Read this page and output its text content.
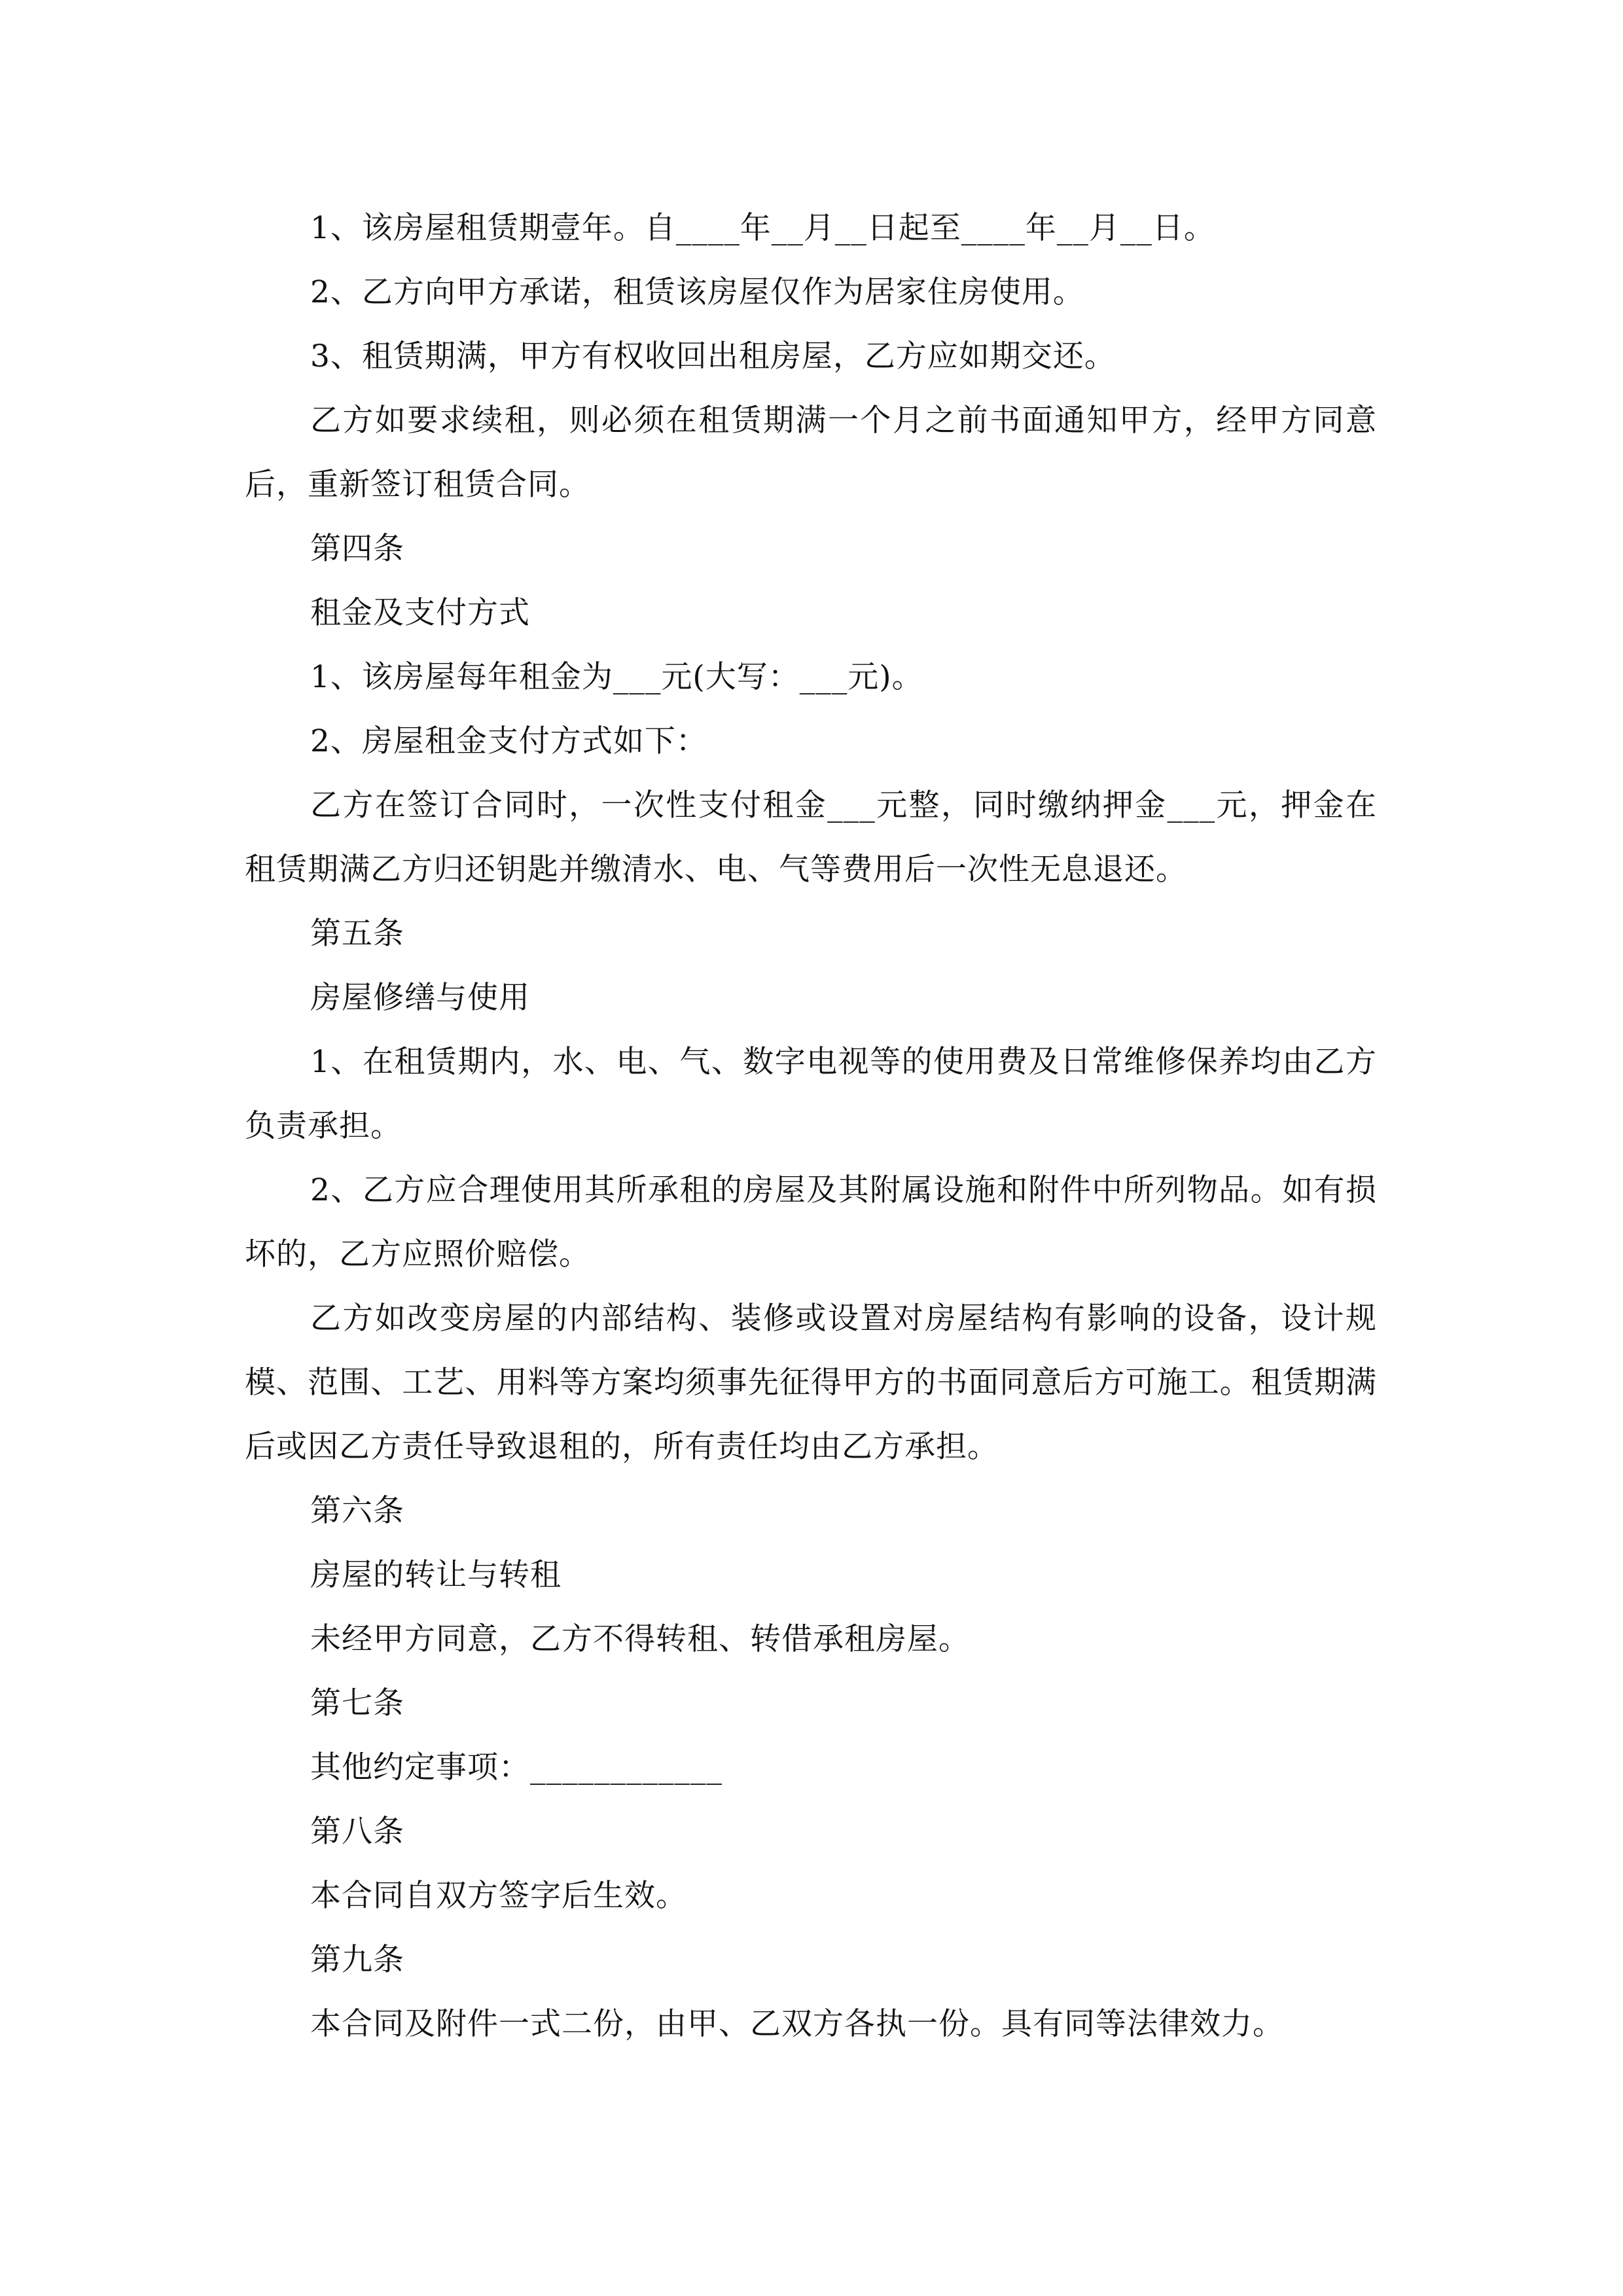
1、该房屋租赁期壹年。自____年__月__日起至____年__月__日。

2、乙方向甲方承诺，租赁该房屋仅作为居家住房使用。

3、租赁期满，甲方有权收回出租房屋，乙方应如期交还。

乙方如要求续租，则必须在租赁期满一个月之前书面通知甲方，经甲方同意后，重新签订租赁合同。

第四条

租金及支付方式

1、该房屋每年租金为___元(大写：___元)。

2、房屋租金支付方式如下：

乙方在签订合同时，一次性支付租金___元整，同时缴纳押金___元，押金在租赁期满乙方归还钥匙并缴清水、电、气等费用后一次性无息退还。

第五条

房屋修缮与使用

1、在租赁期内，水、电、气、数字电视等的使用费及日常维修保养均由乙方负责承担。

2、乙方应合理使用其所承租的房屋及其附属设施和附件中所列物品。如有损坏的，乙方应照价赔偿。

乙方如改变房屋的内部结构、装修或设置对房屋结构有影响的设备，设计规模、范围、工艺、用料等方案均须事先征得甲方的书面同意后方可施工。租赁期满后或因乙方责任导致退租的，所有责任均由乙方承担。

第六条

房屋的转让与转租

未经甲方同意，乙方不得转租、转借承租房屋。

第七条

其他约定事项：____________

第八条

本合同自双方签字后生效。

第九条

本合同及附件一式二份，由甲、乙双方各执一份。具有同等法律效力。
